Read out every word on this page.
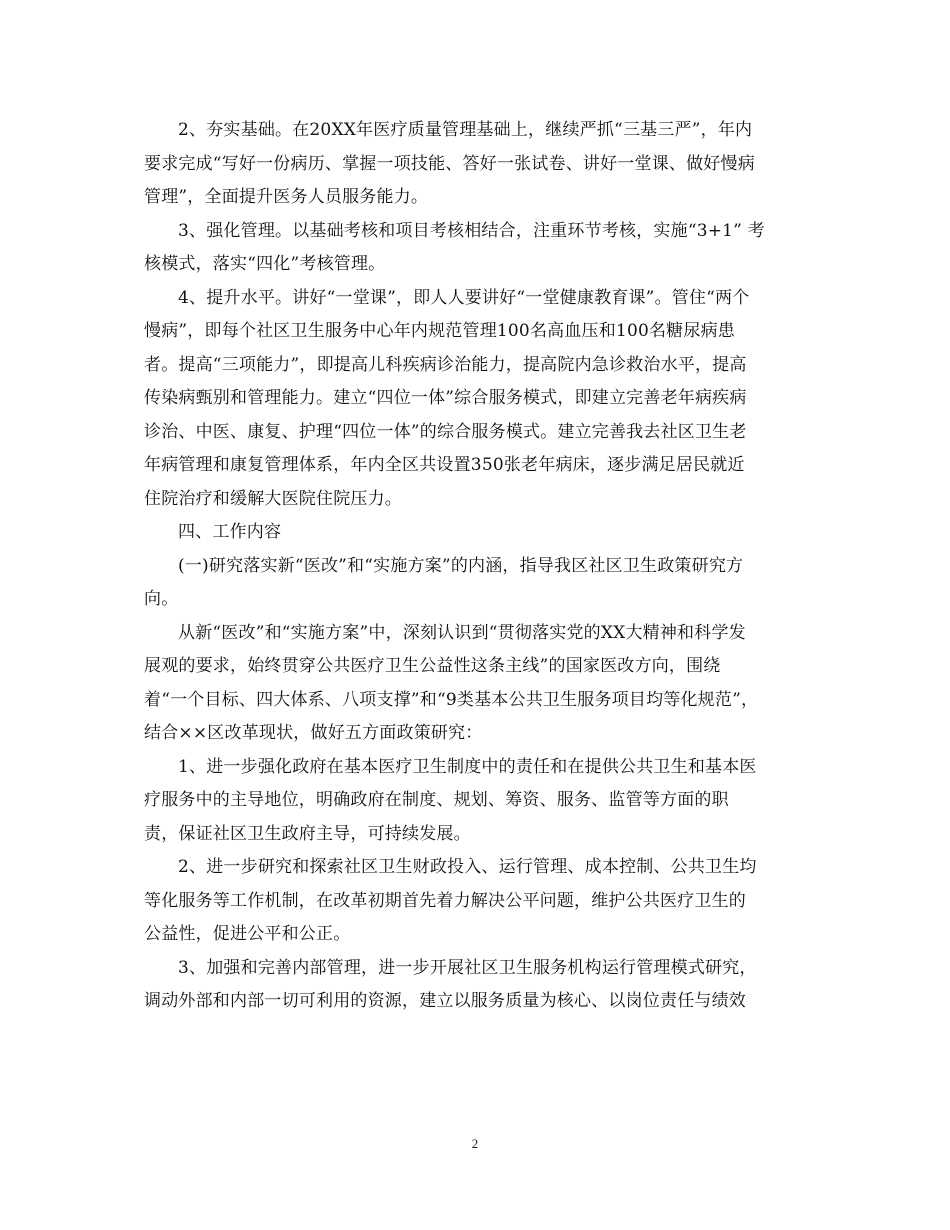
2、夯实基础。在20XX年医疗质量管理基础上，继续严抓“三基三严”，年内
要求完成“写好一份病历、掌握一项技能、答好一张试卷、讲好一堂课、做好慢病
管理”，全面提升医务人员服务能力。

3、强化管理。以基础考核和项目考核相结合，注重环节考核，实施“3+1” 考
核模式，落实“四化”考核管理。

4、提升水平。讲好“一堂课”，即人人要讲好“一堂健康教育课”。管住“两个
慢病”，即每个社区卫生服务中心年内规范管理100名高血压和100名糖尿病患
者。提高“三项能力”，即提高儿科疾病诊治能力，提高院内急诊救治水平，提高
传染病甄别和管理能力。建立“四位一体”综合服务模式，即建立完善老年病疾病
诊治、中医、康复、护理“四位一体”的综合服务模式。建立完善我去社区卫生老
年病管理和康复管理体系，年内全区共设置350张老年病床，逐步满足居民就近
住院治疗和缓解大医院住院压力。

四、工作内容

(一)研究落实新“医改”和“实施方案”的内涵，指导我区社区卫生政策研究方
向。

从新“医改”和“实施方案”中，深刻认识到“贯彻落实党的XX大精神和科学发
展观的要求，始终贯穿公共医疗卫生公益性这条主线”的国家医改方向，围绕
着“一个目标、四大体系、八项支撑”和“9类基本公共卫生服务项目均等化规范”，
结合××区改革现状，做好五方面政策研究：

1、进一步强化政府在基本医疗卫生制度中的责任和在提供公共卫生和基本医
疗服务中的主导地位，明确政府在制度、规划、筹资、服务、监管等方面的职
责，保证社区卫生政府主导，可持续发展。

2、进一步研究和探索社区卫生财政投入、运行管理、成本控制、公共卫生均
等化服务等工作机制，在改革初期首先着力解决公平问题，维护公共医疗卫生的
公益性，促进公平和公正。

3、加强和完善内部管理，进一步开展社区卫生服务机构运行管理模式研究，
调动外部和内部一切可利用的资源，建立以服务质量为核心、以岗位责任与绩效

2
